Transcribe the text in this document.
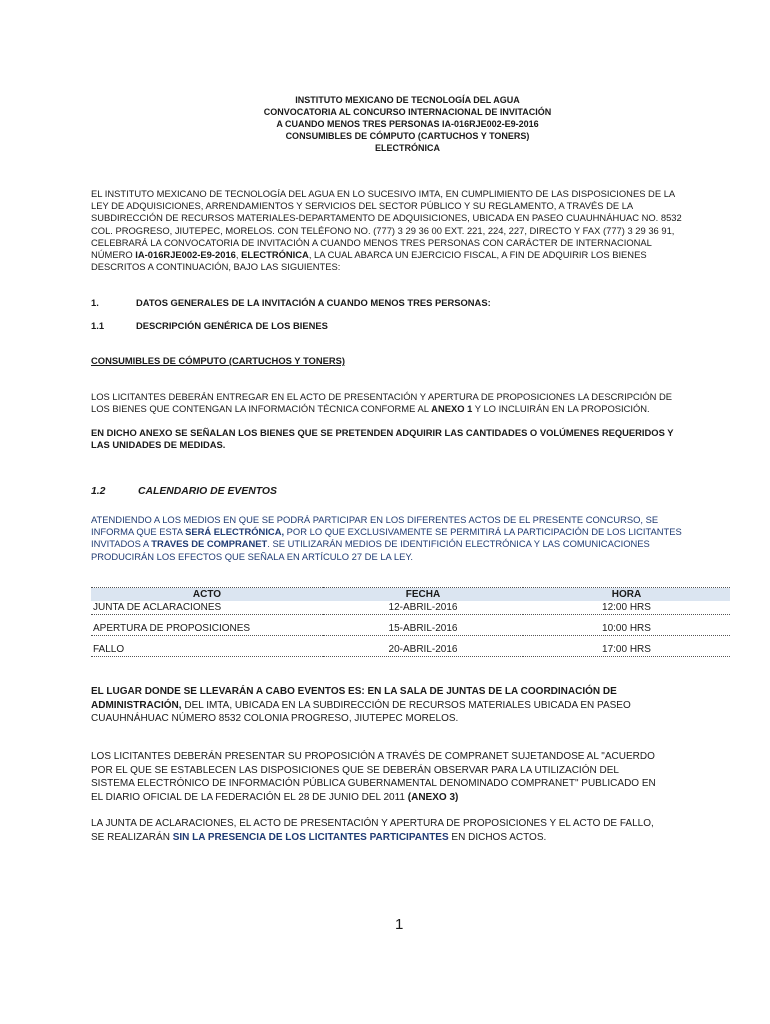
INSTITUTO MEXICANO DE TECNOLOGÍA DEL AGUA
CONVOCATORIA AL CONCURSO INTERNACIONAL DE INVITACIÓN
A CUANDO MENOS TRES PERSONAS IA-016RJE002-E9-2016
CONSUMIBLES DE CÓMPUTO (CARTUCHOS Y TONERS)
ELECTRÓNICA
EL INSTITUTO MEXICANO DE TECNOLOGÍA DEL AGUA EN LO SUCESIVO IMTA, EN CUMPLIMIENTO DE LAS DISPOSICIONES DE LA
LEY DE ADQUISICIONES, ARRENDAMIENTOS Y SERVICIOS DEL SECTOR PÚBLICO Y SU REGLAMENTO, A TRAVÉS DE LA
SUBDIRECCIÓN DE RECURSOS MATERIALES-DEPARTAMENTO DE ADQUISICIONES, UBICADA EN PASEO CUAUHNÁHUAC NO. 8532
COL. PROGRESO, JIUTEPEC, MORELOS. CON TELÉFONO NO. (777) 3 29 36 00 EXT. 221, 224, 227, DIRECTO Y FAX (777) 3 29 36 91,
CELEBRARÁ LA CONVOCATORIA DE INVITACIÓN A CUANDO MENOS TRES PERSONAS CON CARÁCTER DE INTERNACIONAL
NÚMERO IA-016RJE002-E9-2016, ELECTRÓNICA, LA CUAL ABARCA UN EJERCICIO FISCAL, A FIN DE ADQUIRIR LOS BIENES
DESCRITOS A CONTINUACIÓN, BAJO LAS SIGUIENTES:
1.	DATOS GENERALES DE LA INVITACIÓN A CUANDO MENOS TRES PERSONAS:
1.1	DESCRIPCIÓN GENÉRICA DE LOS BIENES
CONSUMIBLES DE CÓMPUTO (CARTUCHOS Y TONERS)
LOS LICITANTES DEBERÁN ENTREGAR EN EL ACTO DE PRESENTACIÓN Y APERTURA DE PROPOSICIONES LA DESCRIPCIÓN DE
LOS BIENES QUE CONTENGAN LA INFORMACIÓN TÉCNICA CONFORME AL ANEXO 1 Y LO INCLUIRÁN EN LA PROPOSICIÓN.
EN DICHO ANEXO SE SEÑALAN LOS BIENES QUE SE PRETENDEN ADQUIRIR LAS CANTIDADES O VOLÚMENES REQUERIDOS Y
LAS UNIDADES DE MEDIDAS.
1.2	CALENDARIO DE EVENTOS
ATENDIENDO A LOS MEDIOS EN QUE SE PODRÁ PARTICIPAR EN LOS DIFERENTES ACTOS DE EL PRESENTE CONCURSO, SE
INFORMA QUE ESTA SERÁ ELECTRÓNICA, POR LO QUE EXCLUSIVAMENTE SE PERMITIRÁ LA PARTICIPACIÓN DE LOS LICITANTES
INVITADOS A TRAVES DE COMPRANET. SE UTILIZARÁN MEDIOS DE IDENTIFICIÓN ELECTRÓNICA Y LAS COMUNICACIONES
PRODUCIRÁN LOS EFECTOS QUE SEÑALA EN ARTÍCULO 27 DE LA LEY.
ACTO	FECHA	HORA
JUNTA DE ACLARACIONES	12-ABRIL-2016	12:00 HRS

APERTURA DE PROPOSICIONES	15-ABRIL-2016	10:00 HRS

FALLO	20-ABRIL-2016	17:00 HRS
EL LUGAR DONDE SE LLEVARÁN A CABO EVENTOS ES: EN LA SALA DE JUNTAS DE LA COORDINACIÓN DE
ADMINISTRACIÓN, DEL IMTA, UBICADA EN LA SUBDIRECCIÓN DE RECURSOS MATERIALES UBICADA EN PASEO
CUAUHNÁHUAC NÚMERO 8532 COLONIA PROGRESO, JIUTEPEC MORELOS.
LOS LICITANTES DEBERÁN PRESENTAR SU PROPOSICIÓN A TRAVÉS DE COMPRANET SUJETANDOSE AL "ACUERDO
POR EL QUE SE ESTABLECEN LAS DISPOSICIONES QUE SE DEBERÁN OBSERVAR PARA LA UTILIZACIÓN DEL
SISTEMA ELECTRÓNICO DE INFORMACIÓN PÚBLICA GUBERNAMENTAL DENOMINADO COMPRANET" PUBLICADO EN
EL DIARIO OFICIAL DE LA FEDERACIÓN EL 28 DE JUNIO DEL 2011 (ANEXO 3)
LA JUNTA DE ACLARACIONES, EL ACTO DE PRESENTACIÓN Y APERTURA DE PROPOSICIONES Y EL ACTO DE FALLO,
SE REALIZARÁN SIN LA PRESENCIA DE LOS LICITANTES PARTICIPANTES EN DICHOS ACTOS.
1
